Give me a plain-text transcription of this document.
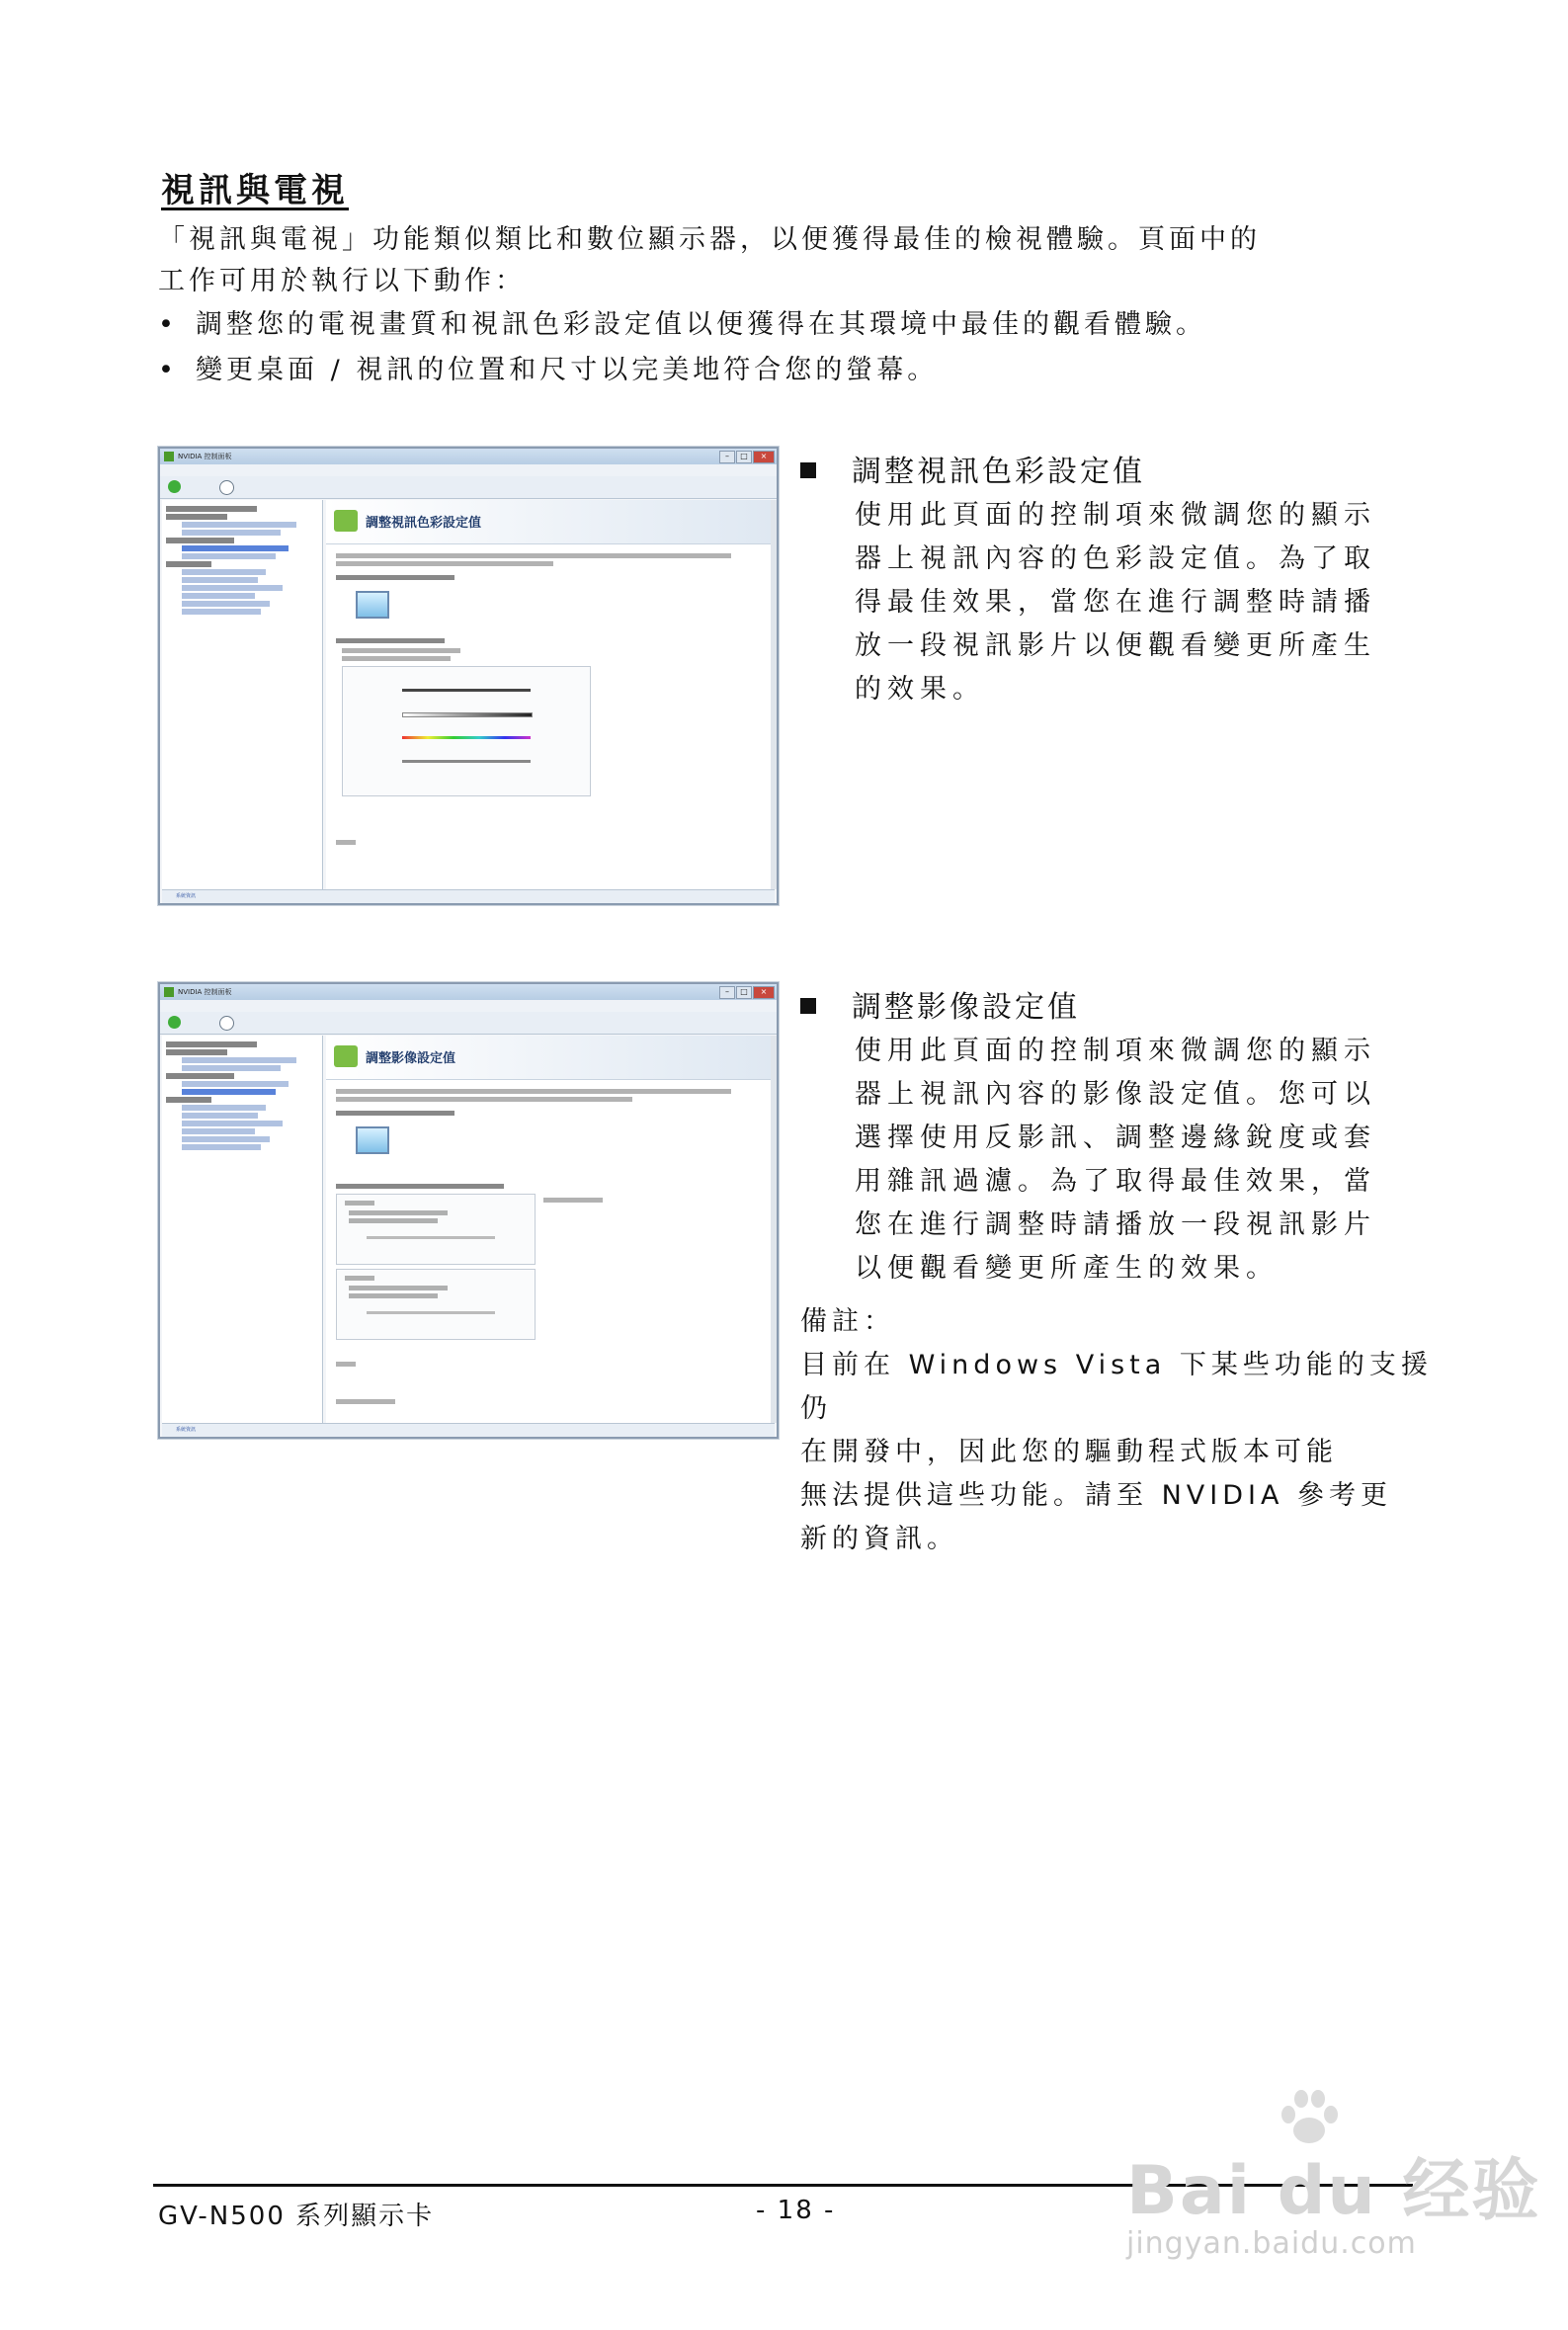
視訊與電視

「視訊與電視」功能類似類比和數位顯示器，以便獲得最佳的檢視體驗。頁面中的

工作可用於執行以下動作：

• 調整您的電視畫質和視訊色彩設定值以便獲得在其環境中最佳的觀看體驗。
• 變更桌面 / 視訊的位置和尺寸以完美地符合您的螢幕。
NVIDIA 控制面板	–	□	×
調整視訊色彩設定值
系統資訊
調整視訊色彩設定值
使用此頁面的控制項來微調您的顯示
器上視訊內容的色彩設定值。為了取
得最佳效果，當您在進行調整時請播
放一段視訊影片以便觀看變更所產生
的效果。
NVIDIA 控制面板	–	□	×
調整影像設定值
系統資訊
調整影像設定值
使用此頁面的控制項來微調您的顯示
器上視訊內容的影像設定值。您可以
選擇使用反影訊、調整邊緣銳度或套
用雜訊過濾。為了取得最佳效果，當
您在進行調整時請播放一段視訊影片
以便觀看變更所產生的效果。
備註：
目前在 Windows Vista 下某些功能的支援仍
在開發中，因此您的驅動程式版本可能
無法提供這些功能。請至 NVIDIA 參考更
新的資訊。
GV-N500 系列顯示卡	- 18 -	Bai du 经验
jingyan.baidu.com
